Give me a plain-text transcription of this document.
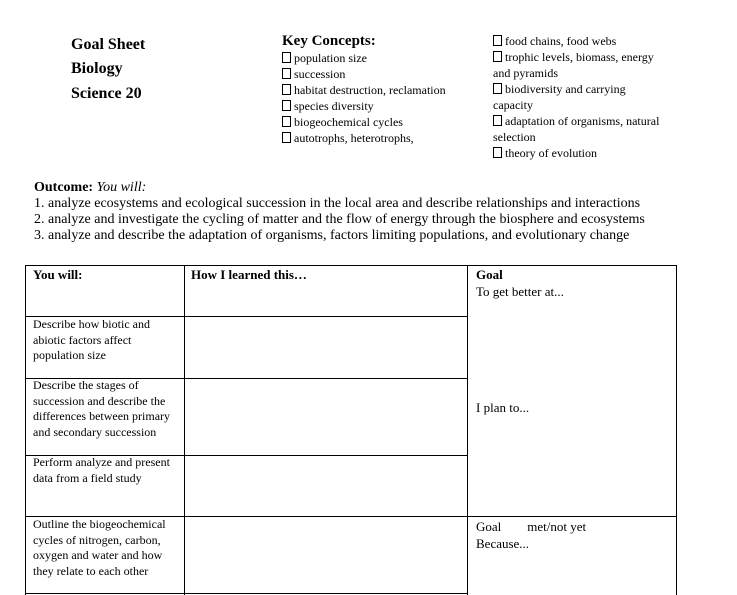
Goal Sheet
Biology
Science 20
Key Concepts:
population size
succession
habitat destruction, reclamation
species diversity
biogeochemical cycles
autotrophs, heterotrophs,
food chains, food webs
trophic levels, biomass, energy and pyramids
biodiversity and carrying capacity
adaptation of organisms, natural selection
theory of evolution
Outcome: You will:
1. analyze ecosystems and ecological succession in the local area and describe relationships and interactions
2. analyze and investigate the cycling of matter and the flow of energy through the biosphere and ecosystems
3. analyze and describe the adaptation of organisms, factors limiting populations, and evolutionary change
You will:	How I learned this…	Goal
To get better at...
I plan to...
Goal met/not yet
Because...
Describe how biotic and abiotic factors affect population size
Describe the stages of succession and describe the differences between primary and secondary succession
Perform analyze and present data from a field study
Outline the biogeochemical cycles of nitrogen, carbon, oxygen and water and how they relate to each other
